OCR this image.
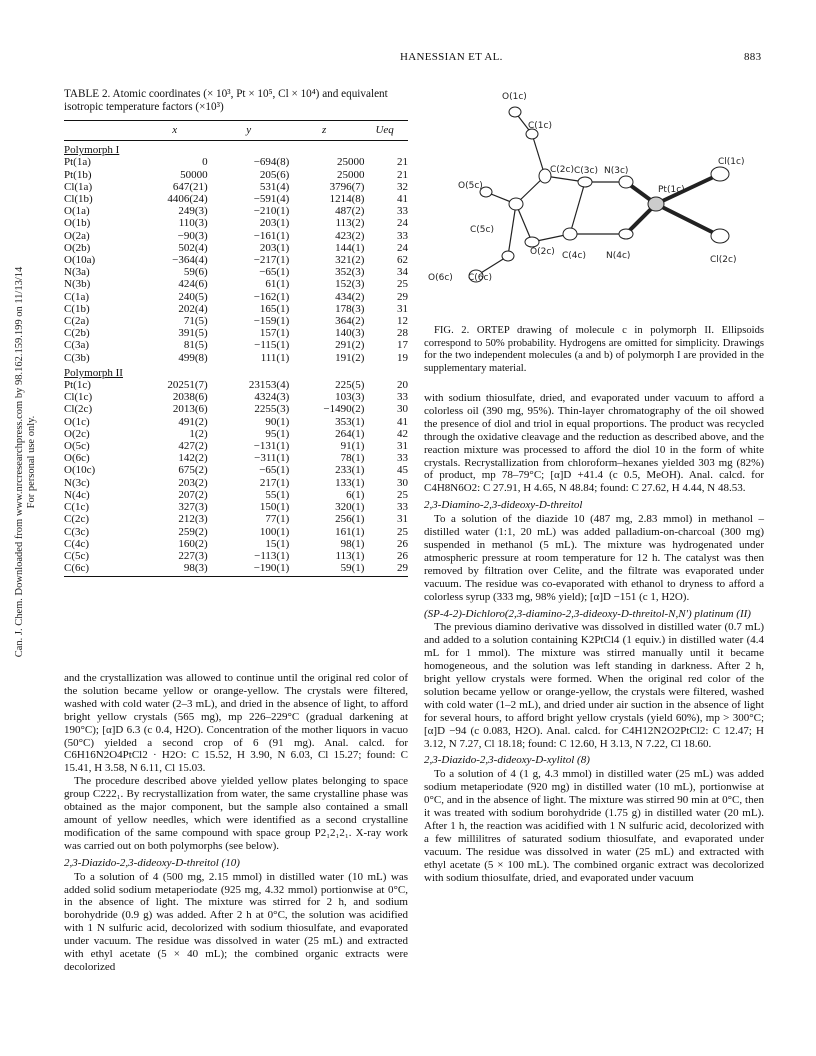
HANESSIAN ET AL.	883
Can. J. Chem. Downloaded from www.nrcresearchpress.com by 98.162.159.199 on 11/13/14 For personal use only.
TABLE 2. Atomic coordinates (× 10³, Pt × 10⁵, Cl × 10⁴) and equivalent isotropic temperature factors (×10³)
	x	y	z	Ueq
Polymorph I				
Pt(1a)	0	−694(8)	25000	21
Pt(1b)	50000	205(6)	25000	21
Cl(1a)	647(21)	531(4)	3796(7)	32
Cl(1b)	4406(24)	−591(4)	1214(8)	41
O(1a)	249(3)	−210(1)	487(2)	33
O(1b)	110(3)	203(1)	113(2)	24
O(2a)	−90(3)	−161(1)	423(2)	33
O(2b)	502(4)	203(1)	144(1)	24
O(10a)	−364(4)	−217(1)	321(2)	62
N(3a)	59(6)	−65(1)	352(3)	34
N(3b)	424(6)	61(1)	152(3)	25
C(1a)	240(5)	−162(1)	434(2)	29
C(1b)	202(4)	165(1)	178(3)	31
C(2a)	71(5)	−159(1)	364(2)	12
C(2b)	391(5)	157(1)	140(3)	28
C(3a)	81(5)	−115(1)	291(2)	17
C(3b)	499(8)	111(1)	191(2)	19
Polymorph II				
Pt(1c)	20251(7)	23153(4)	225(5)	20
Cl(1c)	2038(6)	4324(3)	103(3)	33
Cl(2c)	2013(6)	2255(3)	−1490(2)	30
O(1c)	491(2)	90(1)	353(1)	41
O(2c)	1(2)	95(1)	264(1)	42
O(5c)	427(2)	−131(1)	91(1)	31
O(6c)	142(2)	−311(1)	78(1)	33
O(10c)	675(2)	−65(1)	233(1)	45
N(3c)	203(2)	217(1)	133(1)	30
N(4c)	207(2)	55(1)	6(1)	25
C(1c)	327(3)	150(1)	320(1)	33
C(2c)	212(3)	77(1)	256(1)	31
C(3c)	259(2)	100(1)	161(1)	25
C(4c)	160(2)	15(1)	98(1)	26
C(5c)	227(3)	−113(1)	113(1)	26
C(6c)	98(3)	−190(1)	59(1)	29
O(1c)
C(1c)
Cl(1c)
C(2c) C(3c) N(3c)
Pt(1c)
O(5c)
C(5c)
O(2c) C(4c) N(4c)	Cl(2c)
O(6c) C(6c)
FIG. 2. ORTEP drawing of molecule c in polymorph II. Ellipsoids correspond to 50% probability. Hydrogens are omitted for simplicity. Drawings for the two independent molecules (a and b) of polymorph I are provided in the supplementary material.

and the crystallization was allowed to continue until the original red color of the solution became yellow or orange-yellow. The crystals were filtered, washed with cold water (2–3 mL), and dried in the absence of light, to afford bright yellow crystals (565 mg), mp 226–229°C (gradual darkening at 190°C); [α]D 6.3 (c 0.4, H2O). Concentration of the mother liquors in vacuo (50°C) yielded a second crop of 6 (91 mg). Anal. calcd. for C6H16N2O4PtCl2 · H2O: C 15.52, H 3.90, N 6.03, Cl 15.27; found: C 15.41, H 3.58, N 6.11, Cl 15.03.

The procedure described above yielded yellow plates belonging to space group C222₁. By recrystallization from water, the same crystalline phase was obtained as the major component, but the sample also contained a small amount of yellow needles, which were identified as a second crystalline modification of the same compound with space group P2₁2₁2₁. X-ray work was carried out on both polymorphs (see below).

2,3-Diazido-2,3-dideoxy-D-threitol (10)

To a solution of 4 (500 mg, 2.15 mmol) in distilled water (10 mL) was added solid sodium metaperiodate (925 mg, 4.32 mmol) portionwise at 0°C, in the absence of light. The mixture was stirred for 2 h, and sodium borohydride (0.9 g) was added. After 2 h at 0°C, the solution was acidified with 1 N sulfuric acid, decolorized with sodium thiosulfate, and evaporated under vacuum. The residue was dissolved in water (25 mL) and extracted with ethyl acetate (5 × 40 mL); the combined organic extracts were decolorized

with sodium thiosulfate, dried, and evaporated under vacuum to afford a colorless oil (390 mg, 95%). Thin-layer chromatography of the oil showed the presence of diol and triol in equal proportions. The product was recycled through the oxidative cleavage and the reduction as described above, and the reaction mixture was processed to afford the diol 10 in the form of white crystals. Recrystallization from chloroform–hexanes yielded 303 mg (82%) of product, mp 78–79°C; [α]D +41.4 (c 0.5, MeOH). Anal. calcd. for C4H8N6O2: C 27.91, H 4.65, N 48.84; found: C 27.62, H 4.44, N 48.53.

2,3-Diamino-2,3-dideoxy-D-threitol

To a solution of the diazide 10 (487 mg, 2.83 mmol) in methanol – distilled water (1:1, 20 mL) was added palladium-on-charcoal (300 mg) suspended in methanol (5 mL). The mixture was hydrogenated under atmospheric pressure at room temperature for 12 h. The catalyst was then removed by filtration over Celite, and the filtrate was evaporated under vacuum. The residue was co-evaporated with ethanol to dryness to afford a colorless syrup (333 mg, 98% yield); [α]D −151 (c 1, H2O).

(SP-4-2)-Dichloro(2,3-diamino-2,3-dideoxy-D-threitol-N,N′) platinum (II)

The previous diamino derivative was dissolved in distilled water (0.7 mL) and added to a solution containing K2PtCl4 (1 equiv.) in distilled water (4.4 mL for 1 mmol). The mixture was stirred manually until it became homogeneous, and the solution was left standing in darkness. After 2 h, bright yellow crystals were formed. When the original red color of the solution became yellow or orange-yellow, the crystals were filtered, washed with cold water (1–2 mL), and dried under air suction in the absence of light for several hours, to afford bright yellow crystals (yield 60%), mp > 300°C; [α]D −94 (c 0.083, H2O). Anal. calcd. for C4H12N2O2PtCl2: C 12.47; H 3.12, N 7.27, Cl 18.18; found: C 12.60, H 3.13, N 7.22, Cl 18.60.

2,3-Diazido-2,3-dideoxy-D-xylitol (8)

To a solution of 4 (1 g, 4.3 mmol) in distilled water (25 mL) was added sodium metaperiodate (920 mg) in distilled water (10 mL), portionwise at 0°C, and in the absence of light. The mixture was stirred 90 min at 0°C, then it was treated with sodium borohydride (1.75 g) in distilled water (20 mL). After 1 h, the reaction was acidified with 1 N sulfuric acid, decolorized with a few millilitres of saturated sodium thiosulfate, and evaporated under vacuum. The residue was dissolved in water (25 mL) and extracted with ethyl acetate (5 × 100 mL). The combined organic extract was decolorized with sodium thiosulfate, dried, and evaporated under vacuum
